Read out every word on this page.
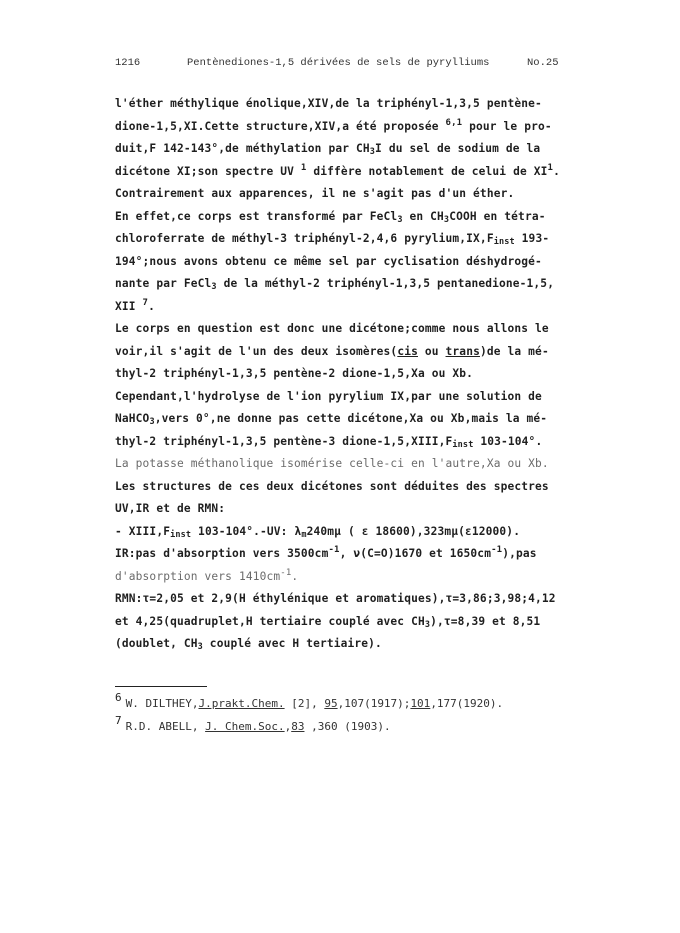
1216	Pentènediones-1,5 dérivées de sels de pyrylliums	No.25
l'éther méthylique énolique,XIV,de la triphényl-1,3,5 pentène-
dione-1,5,XI.Cette structure,XIV,a été proposée $^{6,1}$ pour le pro-
duit,F 142-143°,de méthylation par $CH_3I$ du sel de sodium de la
dicétone XI;son spectre UV $^1$ diffère notablement de celui de $XI^1$.
Contrairement aux apparences, il ne s'agit pas d'un éther.
En effet,ce corps est transformé par FeCl$_3$ en $CH_3COOH$ en tétra-
chloroferrate de méthyl-3 triphényl-2,4,6 $pyrylium,IX,F_{inst}$ 193-
194°;nous avons obtenu ce même sel par cyclisation déshydrogé-
nante par FeCl$_3$ de la méthyl-2 triphényl-1,3,5 pentanedione-1,5,
XII $^7$.
Le corps en question est donc une dicétone;comme nous allons le
voir,il s'agit de l'un des deux isomères(cis ou trans)de la mé-
thyl-2 triphényl-1,3,5 pentène-2 dione-1,5,Xa ou Xb.
Cependant,l'hydrolyse de l'ion pyrylium IX,par une solution de
NaHCO$_3$,vers 0°,ne donne pas cette dicétone,Xa ou Xb,mais la mé-
thyl-2 triphényl-1,3,5 pentène-3 dione-$1,5,XIII,F_{inst}$ 103-104°.
La potasse méthanolique isomérise celle-ci en l'autre,Xa ou Xb.
Les structures de ces deux dicétones sont déduites des spectres
UV,IR et de RMN:
- $XIII,F_{inst}$ 103-104°.-UV: $\lambda_m240m\mu$ ( ε 18600),323mμ(ε12000).
IR:pas d'absorption vers $3500cm^{-1}$, ν(C=O)1670 et $1650cm^{-1}),pas$
d'absorption vers $1410cm^{-1}$.
RMN:τ=2,05 et 2,9(H éthylénique et aromatiques),τ=3,86;3,98;4,12
et 4,25(quadruplet,H tertiaire couplé avec $CH_3),\tau=8,39$ et 8,51
(doublet, $CH_3$ couplé avec H tertiaire).
6 W. DILTHEY,J.prakt.Chem. [2], 95,107(1917);101,177(1920).
7 R.D. ABELL, J. Chem.Soc.,83 ,360 (1903).
